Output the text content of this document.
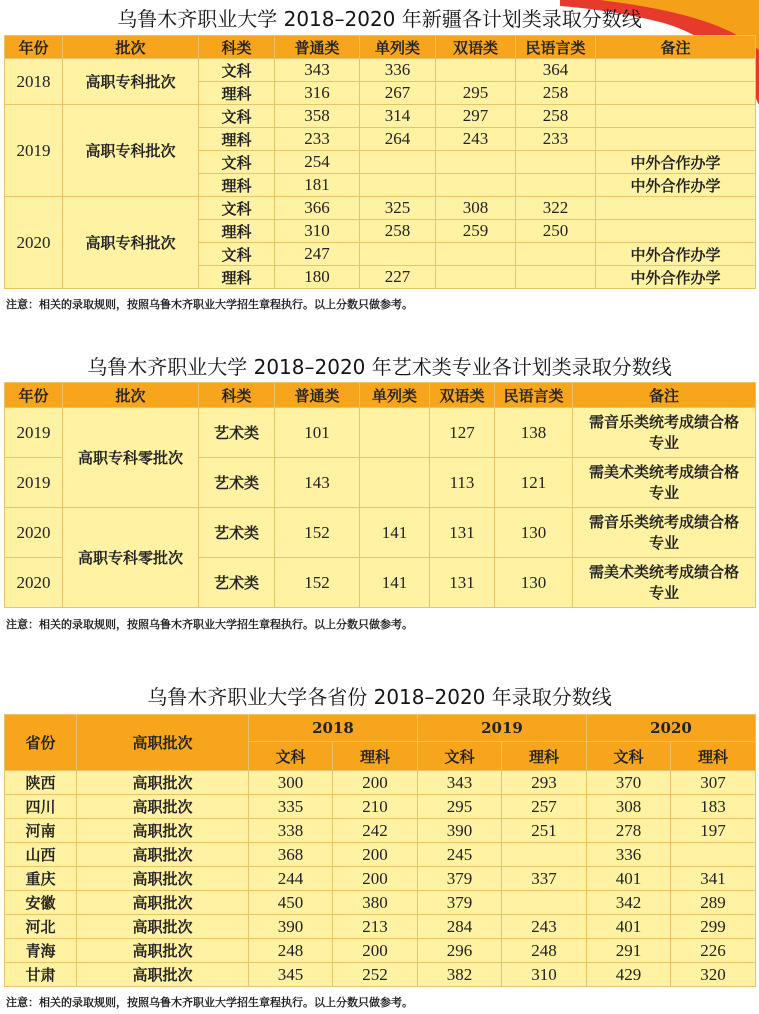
乌鲁木齐职业大学 2018–2020 年新疆各计划类录取分数线
年份	批次	科类	普通类	单列类	双语类	民语言类	备注
2018	高职专科批次	文科	343	336		364	
		理科	316	267	295	258	
2019	高职专科批次	文科	358	314	297	258	
		理科	233	264	243	233	
		文科	254				中外合作办学
		理科	181				中外合作办学
2020	高职专科批次	文科	366	325	308	322	
		理科	310	258	259	250	
		文科	247				中外合作办学
		理科	180	227			中外合作办学
注意：相关的录取规则，按照乌鲁木齐职业大学招生章程执行。以上分数只做参考。
乌鲁木齐职业大学 2018–2020 年艺术类专业各计划类录取分数线
年份	批次	科类	普通类	单列类	双语类	民语言类	备注
2019	高职专科零批次	艺术类	101		127	138	需音乐类统考成绩合格专业
2019		艺术类	143		113	121	需美术类统考成绩合格专业
2020	高职专科零批次	艺术类	152	141	131	130	需音乐类统考成绩合格专业
2020		艺术类	152	141	131	130	需美术类统考成绩合格专业
注意：相关的录取规则，按照乌鲁木齐职业大学招生章程执行。以上分数只做参考。
乌鲁木齐职业大学各省份 2018–2020 年录取分数线
省份	高职批次	2018		2019		2020	
		文科	理科	文科	理科	文科	理科
陕西	高职批次	300	200	343	293	370	307
四川	高职批次	335	210	295	257	308	183
河南	高职批次	338	242	390	251	278	197
山西	高职批次	368	200	245		336	
重庆	高职批次	244	200	379	337	401	341
安徽	高职批次	450	380	379		342	289
河北	高职批次	390	213	284	243	401	299
青海	高职批次	248	200	296	248	291	226
甘肃	高职批次	345	252	382	310	429	320
注意：相关的录取规则，按照乌鲁木齐职业大学招生章程执行。以上分数只做参考。
